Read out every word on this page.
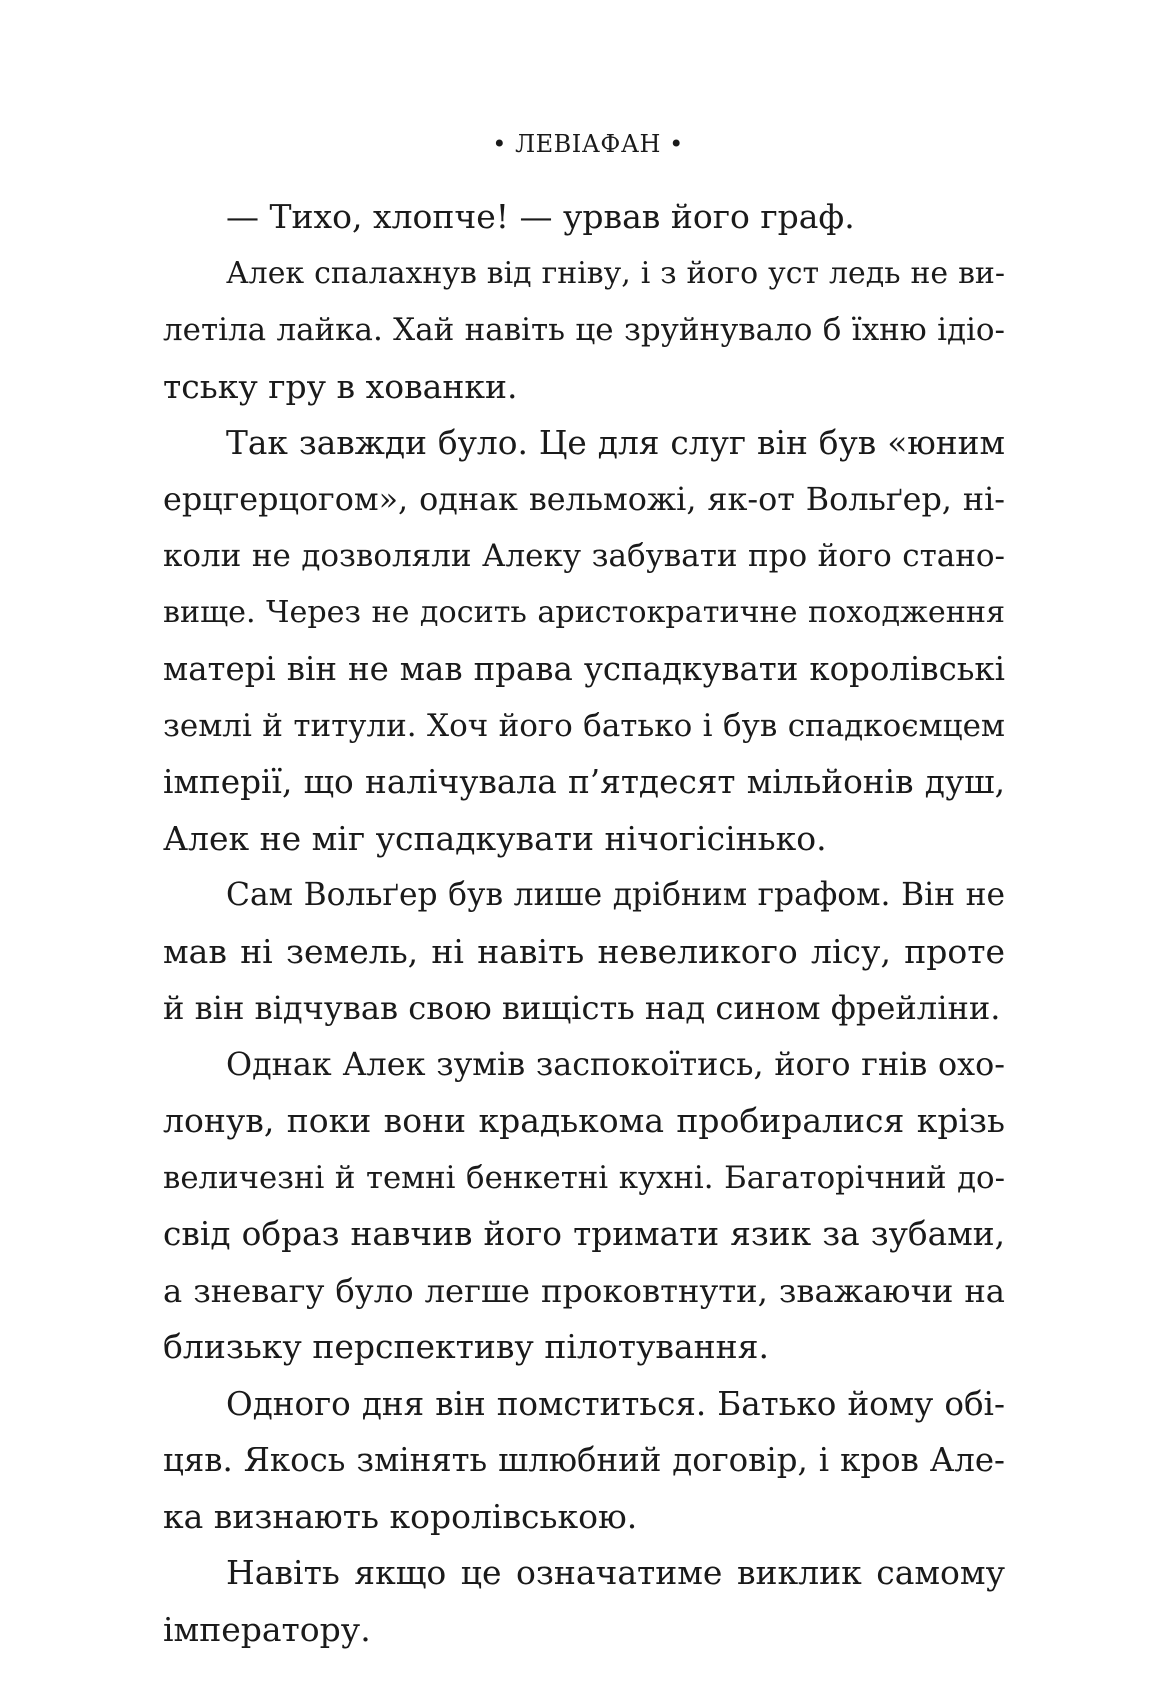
• ЛЕВІАФАН •
— Тихо, хлопче! — урвав його граф.
Алек спалахнув від гніву, і з його уст ледь не ви-
летіла лайка. Хай навіть це зруйнувало б їхню ідіо-
тську гру в хованки.
Так завжди було. Це для слуг він був «юним
ерцгерцогом», однак вельможі, як-от Вольґер, ні-
коли не дозволяли Алеку забувати про його стано-
вище. Через не досить аристократичне походження
матері він не мав права успадкувати королівські
землі й титули. Хоч його батько і був спадкоємцем
імперії, що налічувала п’ятдесят мільйонів душ,
Алек не міг успадкувати нічогісінько.
Сам Вольґер був лише дрібним графом. Він не
мав ні земель, ні навіть невеликого лісу, проте
й він відчував свою вищість над сином фрейліни.
Однак Алек зумів заспокоїтись, його гнів охо-
лонув, поки вони крадькома пробиралися крізь
величезні й темні бенкетні кухні. Багаторічний до-
свід образ навчив його тримати язик за зубами,
а зневагу було легше проковтнути, зважаючи на
близьку перспективу пілотування.
Одного дня він помститься. Батько йому обі-
цяв. Якось змінять шлюбний договір, і кров Але-
ка визнають королівською.
Навіть якщо це означатиме виклик самому
імператору.
